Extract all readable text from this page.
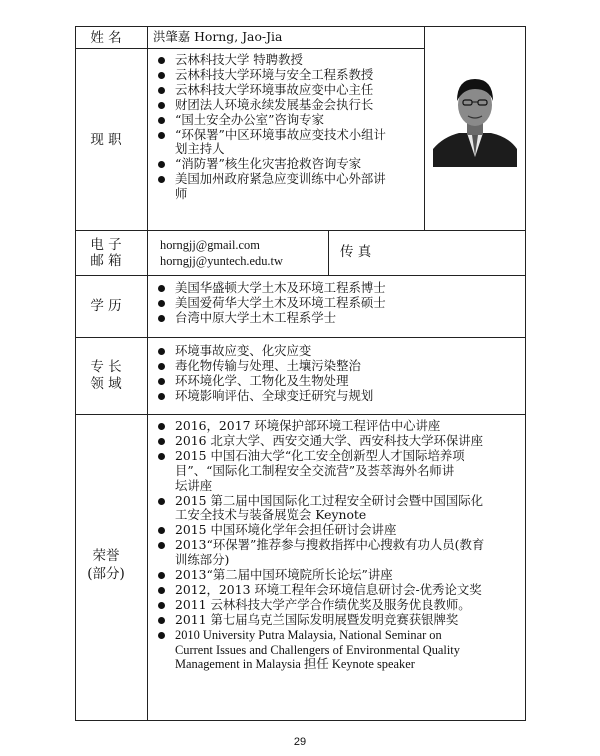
姓 名	洪肇嘉 Horng, Jao-Jia
现 职
云林科技大学 特聘教授
云林科技大学环境与安全工程系教授
云林科技大学环境事故应变中心主任
财团法人环境永续发展基金会执行长
“国土安全办公室”咨询专家
“环保署”中区环境事故应变技术小组计
划主持人
“消防署”核生化灾害抢救咨询专家
美国加州政府紧急应变训练中心外部讲
师
电 子
邮 箱
horngjj@gmail.com
horngjj@yuntech.edu.tw
传 真
学 历
美国华盛顿大学土木及环境工程系博士
美国爱荷华大学土木及环境工程系硕士
台湾中原大学土木工程系学士
专 长
领 域
环境事故应变、化灾应变
毒化物传输与处理、土壤污染整治
环环境化学、工物化及生物处理
环境影响评估、全球变迁研究与规划
荣誉
(部分)
2016，2017 环境保护部环境工程评估中心讲座
2016 北京大学、西安交通大学、西安科技大学环保讲座
2015 中国石油大学“化工安全创新型人才国际培养项
目”、“国际化工制程安全交流营”及荟萃海外名师讲
坛讲座
2015 第二届中国国际化工过程安全研讨会暨中国国际化
工安全技术与装备展览会 Keynote
2015 中国环境化学年会担任研讨会讲座
2013“环保署”推荐参与搜救指挥中心搜救有功人员(教育
训练部分)
2013“第二届中国环境院所长论坛”讲座
2012，2013 环境工程年会环境信息研讨会-优秀论文奖
2011 云林科技大学产学合作绩优奖及服务优良教师。
2011 第七届乌克兰国际发明展暨发明竞赛获银牌奖
2010 University Putra Malaysia, National Seminar on
Current Issues and Challengers of Environmental Quality
Management in Malaysia 担任 Keynote speaker
29
